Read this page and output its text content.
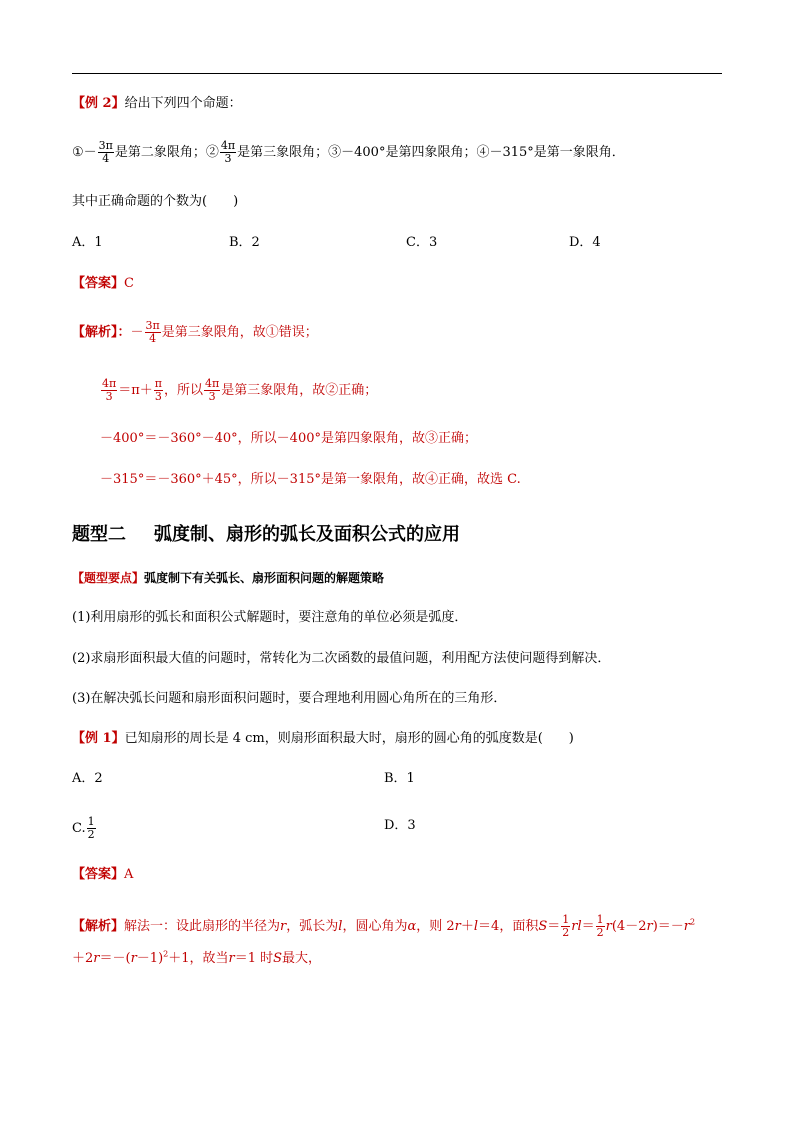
【例 2】给出下列四个命题：
①－ $\frac{3\pi}{4}$ 是第二象限角；② $\frac{4\pi}{3}$ 是第三象限角；③－400°是第四象限角；④－315°是第一象限角．
其中正确命题的个数为(　　)
A．1	B．2	C．3	D．4
【答案】C
【解析】：－ $\frac{3\pi}{4}$ 是第三象限角，故①错误；
$\frac{4\pi}{3} =\pi+ \frac{\pi}{3}$ ，所以 $\frac{4\pi}{3}$ 是第三象限角，故②正确；
－400°＝－360°－40°，所以－400°是第四象限角，故③正确；
－315°＝－360°＋45°，所以－315°是第一象限角，故④正确，故选 C.
题型二 弧度制、扇形的弧长及面积公式的应用
【题型要点】弧度制下有关弧长、扇形面积问题的解题策略
(1)利用扇形的弧长和面积公式解题时，要注意角的单位必须是弧度．
(2)求扇形面积最大值的问题时，常转化为二次函数的最值问题，利用配方法使问题得到解决．
(3)在解决弧长问题和扇形面积问题时，要合理地利用圆心角所在的三角形．
【例 1】已知扇形的周长是 4 cm，则扇形面积最大时，扇形的圆心角的弧度数是(　　)
A．2	B．1
C. $\frac{1}{2}$	D．3
【答案】A
【解析】解法一：设此扇形的半径为r，弧长为l，圆心角为α，则 2r＋l＝4，面积$S= \frac{1}{2} rl= \frac{1}{2} r(4-2r)=-r^2$
$+2r=-(r-1)^2+1$，故当r＝1 时S最大，
